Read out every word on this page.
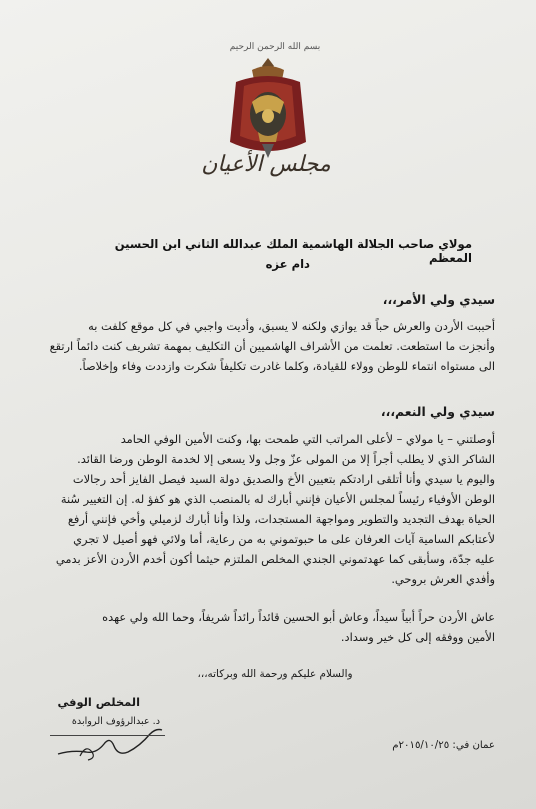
بسم الله الرحمن الرحيم
مجلس الأعيان
مولاي صاحب الجلالة الهاشمية الملك عبدالله الثاني ابن الحسين المعظم
دام عزه
سيدي ولي الأمر،،،
أحببت الأردن والعرش حباً قد يوازي ولكنه لا يسبق، وأديت واجبي في كل موقع كلفت به
وأنجزت ما استطعت. تعلمت من الأشراف الهاشميين أن التكليف بمهمة تشريف كنت دائماً ارتقع
الى مستواه انتماء للوطن وولاء للقيادة، وكلما غادرت تكليفاً شكرت وازددت وفاء وإخلاصاً.
سيدي ولي النعم،،،
أوصلتني – يا مولاي – لأعلى المراتب التي طمحت بها، وكنت الأمين الوفي الحامد
الشاكر الذي لا يطلب أجراً إلا من المولى عزّ وجل ولا يسعى إلا لخدمة الوطن ورضا القائد.
واليوم يا سيدي وأنا أتلقى ارادتكم بتعيين الأخ والصديق دولة السيد فيصل الفايز أحد رجالات
الوطن الأوفياء رئيساً لمجلس الأعيان فإنني أبارك له بالمنصب الذي هو كفؤ له. إن التغيير سُنة
الحياة بهدف التجديد والتطوير ومواجهة المستجدات، ولذا وأنا أبارك لزميلي وأخي فإنني أرفع
لأعتابكم السامية آيات العرفان على ما حبوتموني به من رعاية، أما ولائي فهو أصيل لا تجري
عليه جدّة، وسأبقى كما عهدتموني الجندي المخلص الملتزم حيثما أكون أخدم الأردن الأعز بدمي
وأفدي العرش بروحي.
عاش الأردن حراً أبياً سيداً، وعاش أبو الحسين قائداً رائداً شريفاً، وحما الله ولي عهده
الأمين ووفقه إلى كل خير وسداد.
والسلام عليكم ورحمة الله وبركاته،،،
المخلص الوفي
د. عبدالرؤوف الروابدة
عمان في: ٢٠١٥/١٠/٢٥م
